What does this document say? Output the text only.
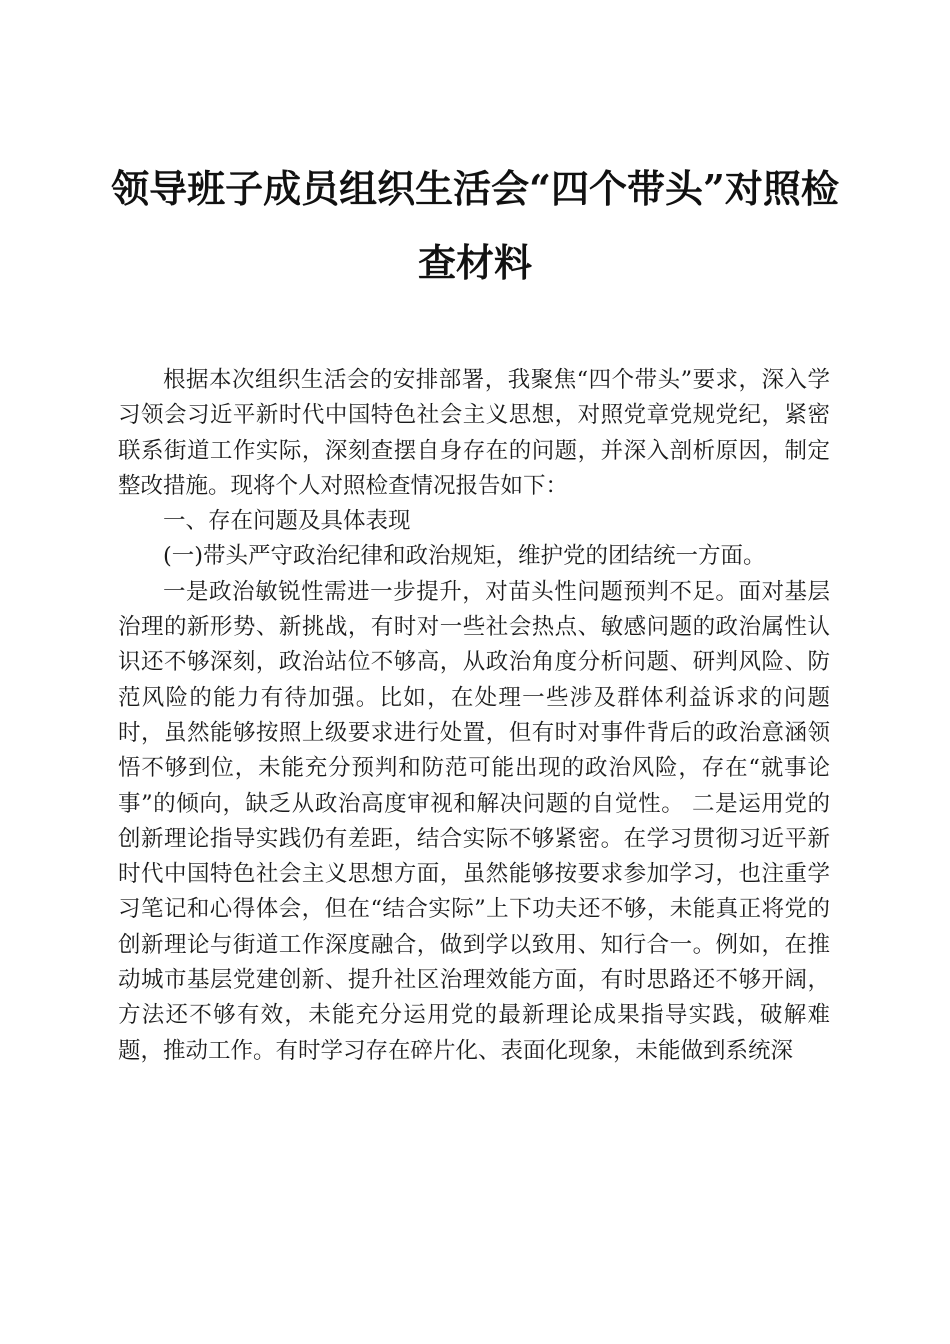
领导班子成员组织生活会“四个带头”对照检
查材料

根据本次组织生活会的安排部署，我聚焦“四个带头”要求，深入学习领会习近平新时代中国特色社会主义思想，对照党章党规党纪，紧密联系街道工作实际，深刻查摆自身存在的问题，并深入剖析原因，制定整改措施。现将个人对照检查情况报告如下：

一、存在问题及具体表现

(一)带头严守政治纪律和政治规矩，维护党的团结统一方面。

一是政治敏锐性需进一步提升，对苗头性问题预判不足。面对基层治理的新形势、新挑战，有时对一些社会热点、敏感问题的政治属性认识还不够深刻，政治站位不够高，从政治角度分析问题、研判风险、防范风险的能力有待加强。比如，在处理一些涉及群体利益诉求的问题时，虽然能够按照上级要求进行处置，但有时对事件背后的政治意涵领悟不够到位，未能充分预判和防范可能出现的政治风险，存在“就事论事”的倾向，缺乏从政治高度审视和解决问题的自觉性。 二是运用党的创新理论指导实践仍有差距，结合实际不够紧密。在学习贯彻习近平新时代中国特色社会主义思想方面，虽然能够按要求参加学习，也注重学习笔记和心得体会，但在“结合实际”上下功夫还不够，未能真正将党的创新理论与街道工作深度融合，做到学以致用、知行合一。例如，在推动城市基层党建创新、提升社区治理效能方面，有时思路还不够开阔，方法还不够有效，未能充分运用党的最新理论成果指导实践，破解难题，推动工作。有时学习存在碎片化、表面化现象，未能做到系统深
